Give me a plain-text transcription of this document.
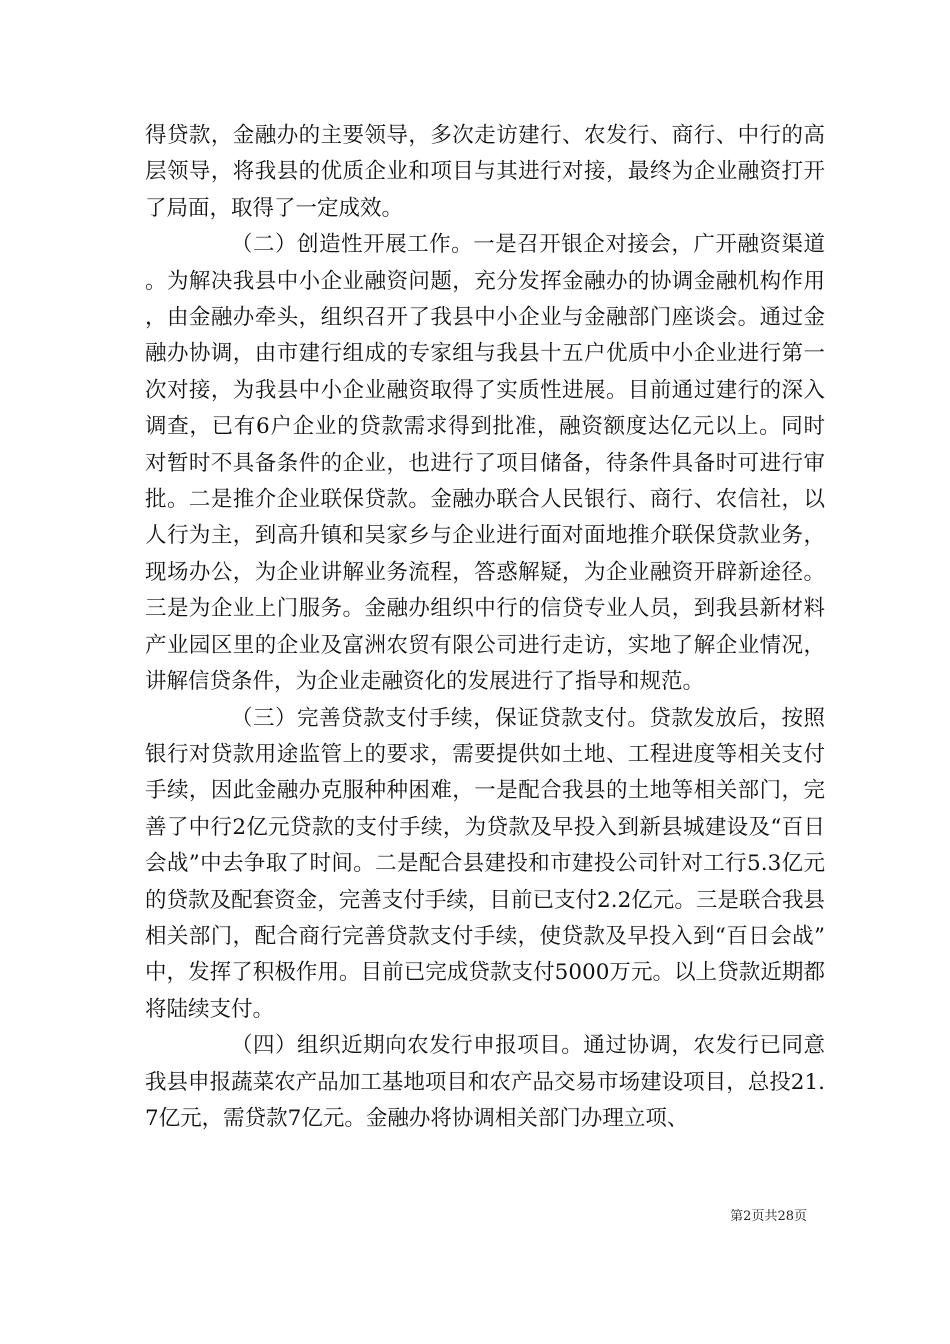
得贷款，金融办的主要领导，多次走访建行、农发行、商行、中行的高层领导，将我县的优质企业和项目与其进行对接，最终为企业融资打开了局面，取得了一定成效。

（二）创造性开展工作。一是召开银企对接会，广开融资渠道。为解决我县中小企业融资问题，充分发挥金融办的协调金融机构作用，由金融办牵头，组织召开了我县中小企业与金融部门座谈会。通过金融办协调，由市建行组成的专家组与我县十五户优质中小企业进行第一次对接，为我县中小企业融资取得了实质性进展。目前通过建行的深入调查，已有6户企业的贷款需求得到批准，融资额度达亿元以上。同时对暂时不具备条件的企业，也进行了项目储备，待条件具备时可进行审批。二是推介企业联保贷款。金融办联合人民银行、商行、农信社，以人行为主，到高升镇和吴家乡与企业进行面对面地推介联保贷款业务，现场办公，为企业讲解业务流程，答惑解疑，为企业融资开辟新途径。三是为企业上门服务。金融办组织中行的信贷专业人员，到我县新材料产业园区里的企业及富洲农贸有限公司进行走访，实地了解企业情况，讲解信贷条件，为企业走融资化的发展进行了指导和规范。

（三）完善贷款支付手续，保证贷款支付。贷款发放后，按照银行对贷款用途监管上的要求，需要提供如土地、工程进度等相关支付手续，因此金融办克服种种困难，一是配合我县的土地等相关部门，完善了中行2亿元贷款的支付手续，为贷款及早投入到新县城建设及“百日会战”中去争取了时间。二是配合县建投和市建投公司针对工行5.3亿元的贷款及配套资金，完善支付手续，目前已支付2.2亿元。三是联合我县相关部门，配合商行完善贷款支付手续，使贷款及早投入到“百日会战”中，发挥了积极作用。目前已完成贷款支付5000万元。以上贷款近期都将陆续支付。

（四）组织近期向农发行申报项目。通过协调，农发行已同意我县申报蔬菜农产品加工基地项目和农产品交易市场建设项目，总投21.7亿元，需贷款7亿元。金融办将协调相关部门办理立项、

第2页共28页
